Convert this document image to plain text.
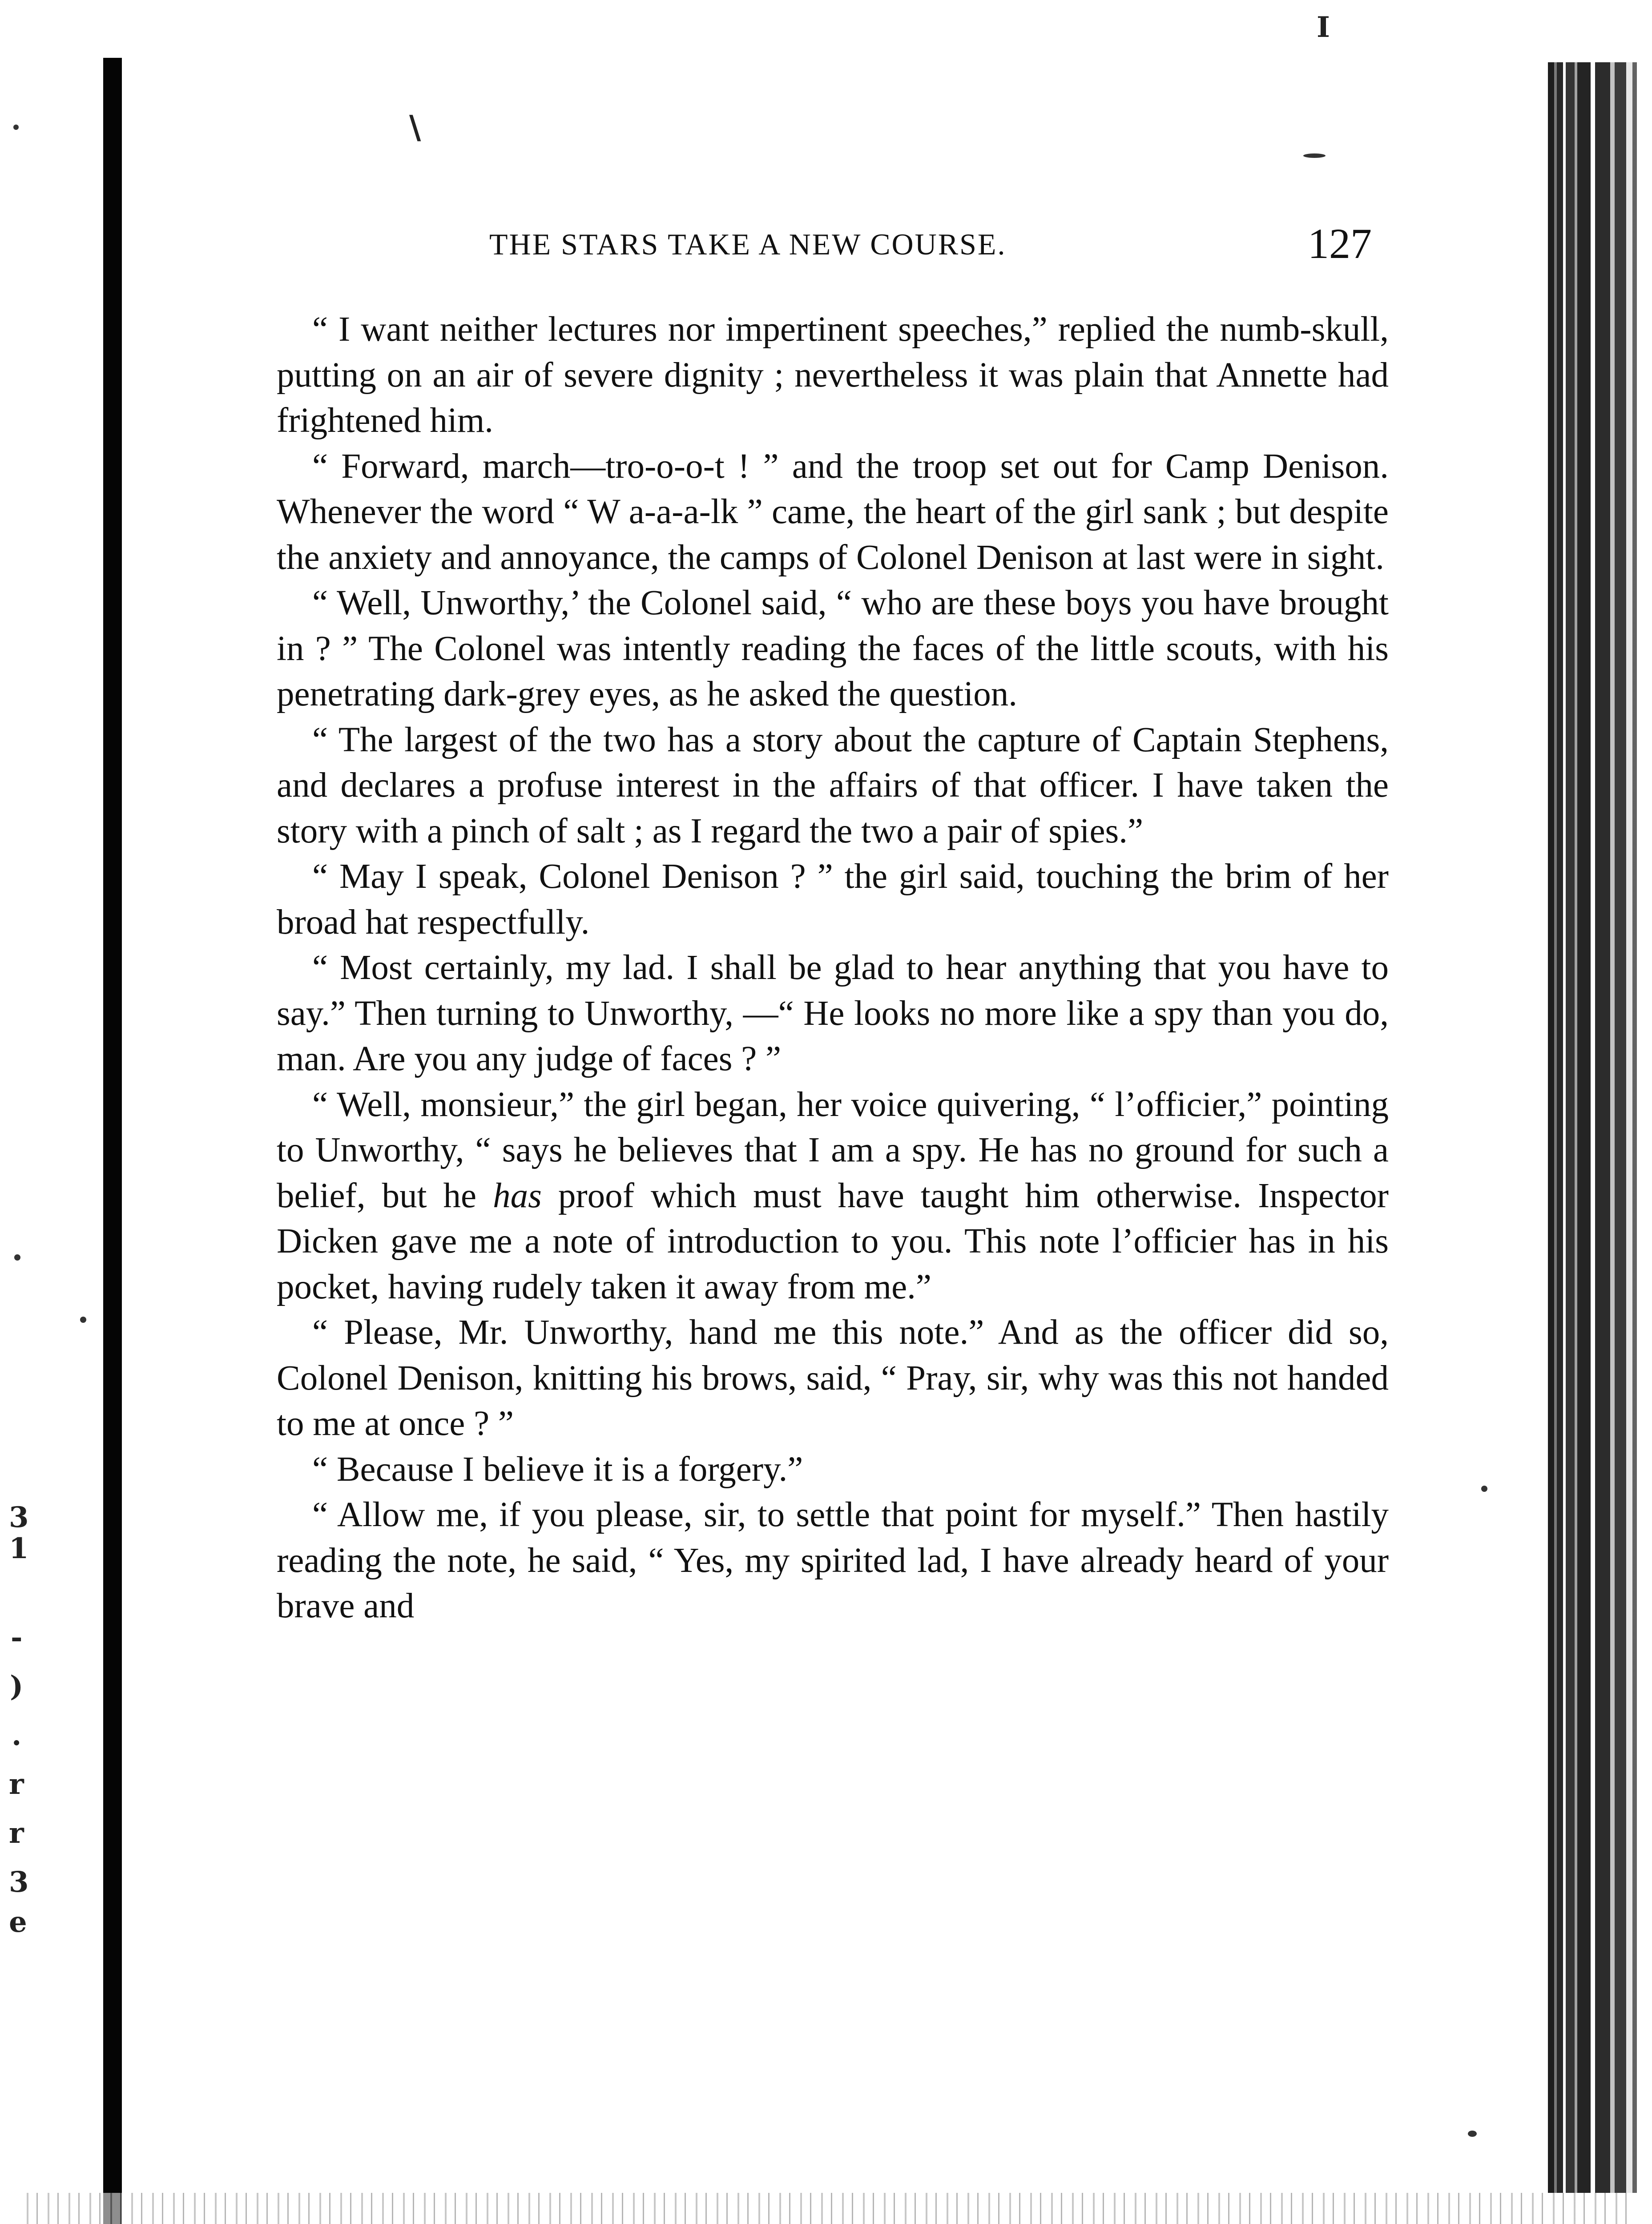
I
\
3
1
-
)
.
r
r
3
e
THE STARS TAKE A NEW COURSE.	127

“ I want neither lectures nor impertinent speeches,” replied the numb-skull, putting on an air of severe dignity ; nevertheless it was plain that Annette had frightened him.

“ Forward, march—tro-o-o-t ! ” and the troop set out for Camp Denison. Whenever the word “ W a-a-a-lk ” came, the heart of the girl sank ; but despite the anxiety and annoyance, the camps of Colonel Denison at last were in sight.

“ Well, Unworthy,’ the Colonel said, “ who are these boys you have brought in ? ” The Colonel was intently reading the faces of the little scouts, with his penetrating dark-grey eyes, as he asked the question.

“ The largest of the two has a story about the capture of Captain Stephens, and declares a profuse interest in the affairs of that officer. I have taken the story with a pinch of salt ; as I regard the two a pair of spies.”

“ May I speak, Colonel Denison ? ” the girl said, touching the brim of her broad hat respectfully.

“ Most certainly, my lad. I shall be glad to hear anything that you have to say.” Then turning to Unworthy, —“ He looks no more like a spy than you do, man. Are you any judge of faces ? ”

“ Well, monsieur,” the girl began, her voice quivering, “ l’officier,” pointing to Unworthy, “ says he believes that I am a spy. He has no ground for such a belief, but he has proof which must have taught him otherwise. Inspector Dicken gave me a note of introduction to you. This note l’officier has in his pocket, having rudely taken it away from me.”

“ Please, Mr. Unworthy, hand me this note.” And as the officer did so, Colonel Denison, knitting his brows, said, “ Pray, sir, why was this not handed to me at once ? ”

“ Because I believe it is a forgery.”

“ Allow me, if you please, sir, to settle that point for myself.” Then hastily reading the note, he said, “ Yes, my spirited lad, I have already heard of your brave and
